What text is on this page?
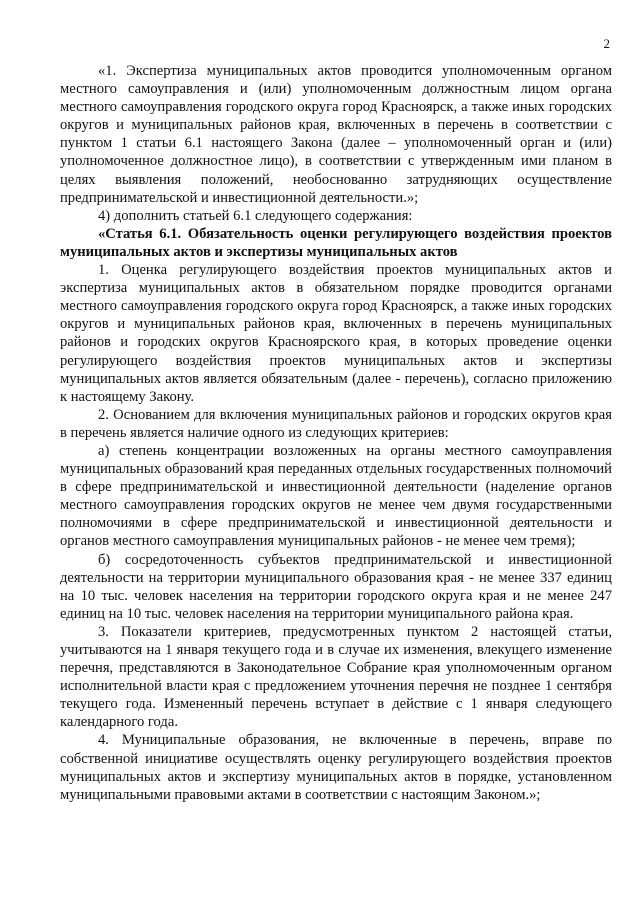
2

«1. Экспертиза муниципальных актов проводится уполномоченным органом местного самоуправления и (или) уполномоченным должностным лицом органа местного самоуправления городского округа город Красноярск, а также иных городских округов и муниципальных районов края, включенных в перечень в соответствии с пунктом 1 статьи 6.1 настоящего Закона (далее – уполномоченный орган и (или) уполномоченное должностное лицо), в соответствии с утвержденным ими планом в целях выявления положений, необоснованно затрудняющих осуществление предпринимательской и инвестиционной деятельности.»;

4) дополнить статьей 6.1 следующего содержания:

«Статья 6.1. Обязательность оценки регулирующего воздействия проектов муниципальных актов и экспертизы муниципальных актов

1. Оценка регулирующего воздействия проектов муниципальных актов и экспертиза муниципальных актов в обязательном порядке проводится органами местного самоуправления городского округа город Красноярск, а также иных городских округов и муниципальных районов края, включенных в перечень муниципальных районов и городских округов Красноярского края, в которых проведение оценки регулирующего воздействия проектов муниципальных актов и экспертизы муниципальных актов является обязательным (далее - перечень), согласно приложению к настоящему Закону.

2. Основанием для включения муниципальных районов и городских округов края в перечень является наличие одного из следующих критериев:

а) степень концентрации возложенных на органы местного самоуправления муниципальных образований края переданных отдельных государственных полномочий в сфере предпринимательской и инвестиционной деятельности (наделение органов местного самоуправления городских округов не менее чем двумя государственными полномочиями в сфере предпринимательской и инвестиционной деятельности и органов местного самоуправления муниципальных районов - не менее чем тремя);

б) сосредоточенность субъектов предпринимательской и инвестиционной деятельности на территории муниципального образования края - не менее 337 единиц на 10 тыс. человек населения на территории городского округа края и не менее 247 единиц на 10 тыс. человек населения на территории муниципального района края.

3. Показатели критериев, предусмотренных пунктом 2 настоящей статьи, учитываются на 1 января текущего года и в случае их изменения, влекущего изменение перечня, представляются в Законодательное Собрание края уполномоченным органом исполнительной власти края с предложением уточнения перечня не позднее 1 сентября текущего года. Измененный перечень вступает в действие с 1 января следующего календарного года.

4. Муниципальные образования, не включенные в перечень, вправе по собственной инициативе осуществлять оценку регулирующего воздействия проектов муниципальных актов и экспертизу муниципальных актов в порядке, установленном муниципальными правовыми актами в соответствии с настоящим Законом.»;
